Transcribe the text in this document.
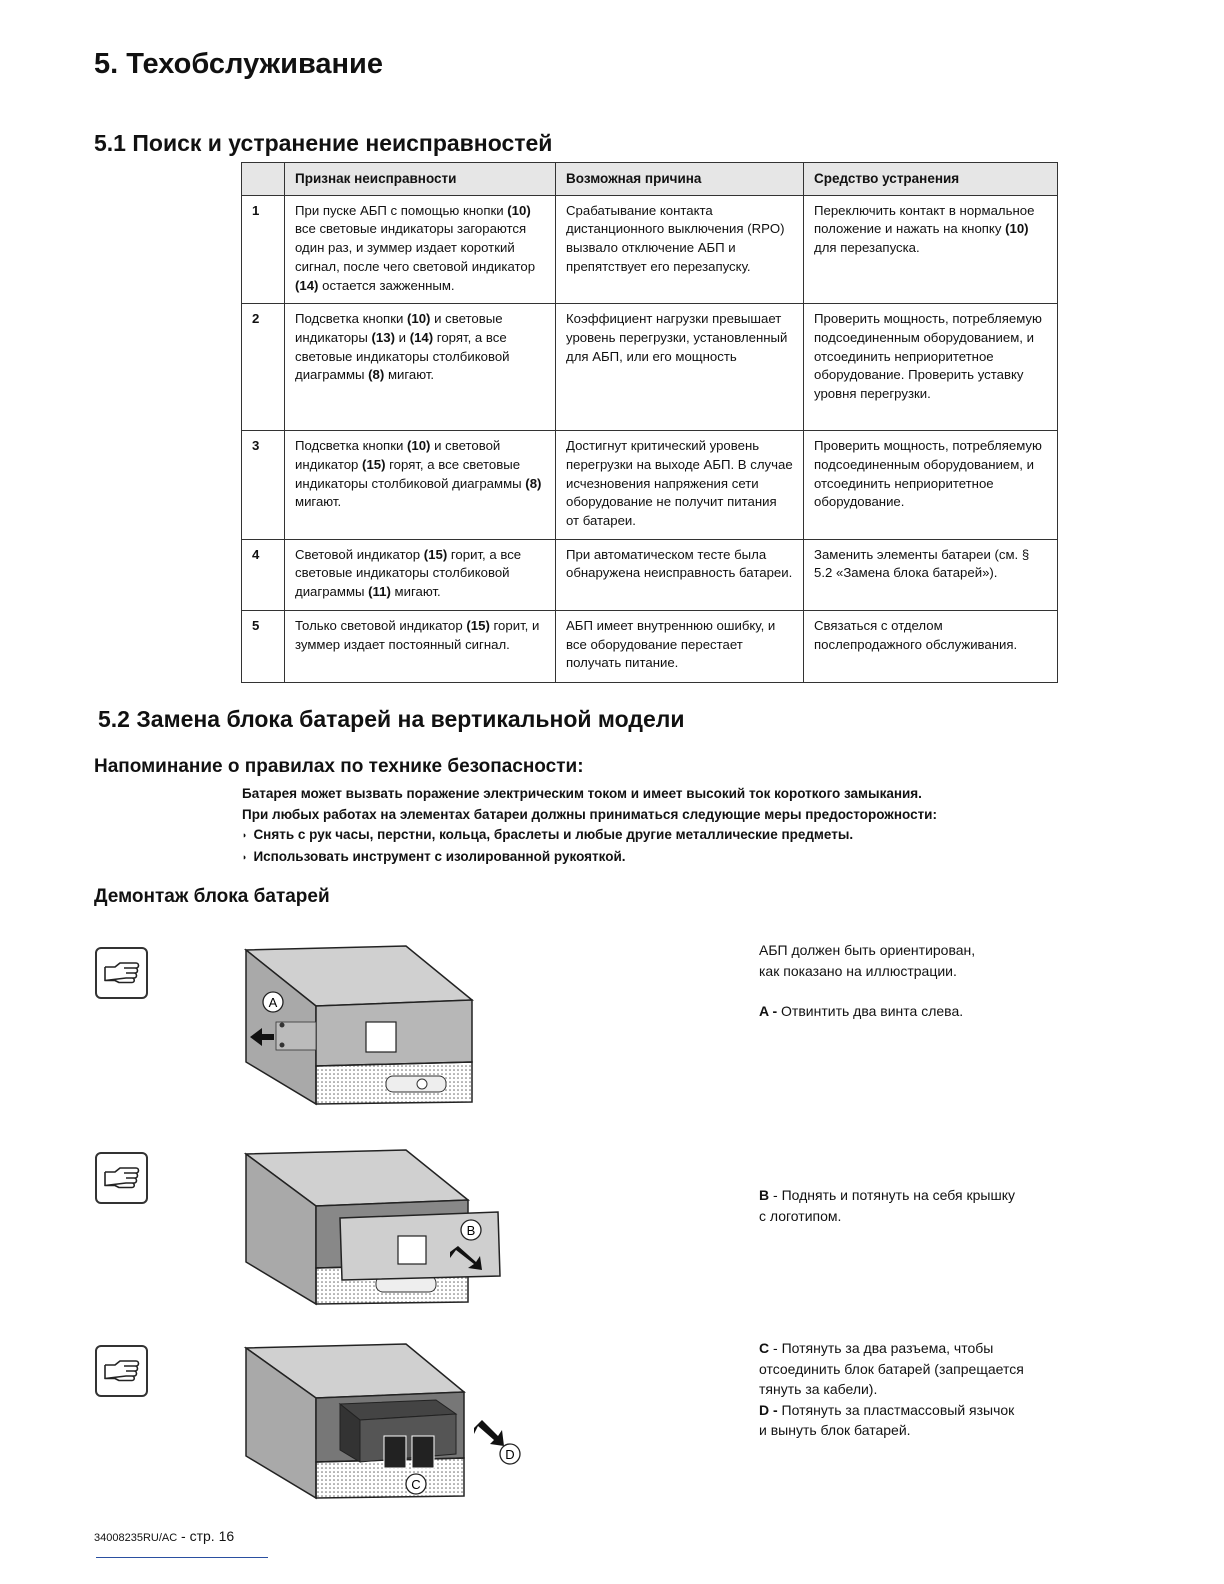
5. Техобслуживание
5.1 Поиск и устранение неисправностей
	Признак неисправности	Возможная причина	Средство устранения
1	При пуске АБП с помощью кнопки (10) все световые индикаторы загораются один раз, и зуммер издает короткий сигнал, после чего световой индикатор (14) остается зажженным.	Срабатывание контакта дистанционного выключения (RPO) вызвало отключение АБП и препятствует его перезапуску.	Переключить контакт в нормальное положение и нажать на кнопку (10) для перезапуска.
2	Подсветка кнопки (10) и световые индикаторы (13) и (14) горят, а все световые индикаторы столбиковой диаграммы (8) мигают.	Коэффициент нагрузки превышает уровень перегрузки, установленный для АБП, или его мощность	Проверить мощность, потребляемую подсоединенным оборудованием, и отсоединить неприоритетное оборудование. Проверить уставку уровня перегрузки.
3	Подсветка кнопки (10) и световой индикатор (15) горят, а все световые индикаторы столбиковой диаграммы (8) мигают.	Достигнут критический уровень перегрузки на выходе АБП. В случае исчезновения напряжения сети оборудование не получит питания от батареи.	Проверить мощность, потребляемую подсоединенным оборудованием, и отсоединить неприоритетное оборудование.
4	Световой индикатор (15) горит, а все световые индикаторы столбиковой диаграммы (11) мигают.	При автоматическом тесте была обнаружена неисправность батареи.	Заменить элементы батареи (см. § 5.2 «Замена блока батарей»).
5	Только световой индикатор (15) горит, и зуммер издает постоянный сигнал.	АБП имеет внутреннюю ошибку, и все оборудование перестает получать питание.	Связаться с отделом послепродажного обслуживания.
5.2 Замена блока батарей на вертикальной модели
Напоминание о правилах по технике безопасности:
Батарея может вызвать поражение электрическим током и имеет высокий ток короткого замыкания.
При любых работах на элементах батареи должны приниматься следующие меры предосторожности:
◗ Снять с рук часы, перстни, кольца, браслеты и любые другие металлические предметы.
◗ Использовать инструмент с изолированной рукояткой.
Демонтаж блока батарей
A
B
D
C
АБП должен быть ориентирован,
как показано на иллюстрации.
A - Отвинтить два винта слева.
B - Поднять и потянуть на себя крышку
с логотипом.
C - Потянуть за два разъема, чтобы
отсоединить блок батарей (запрещается
тянуть за кабели).
D - Потянуть за пластмассовый язычок
и вынуть блок батарей.
34008235RU/AC - стр. 16
